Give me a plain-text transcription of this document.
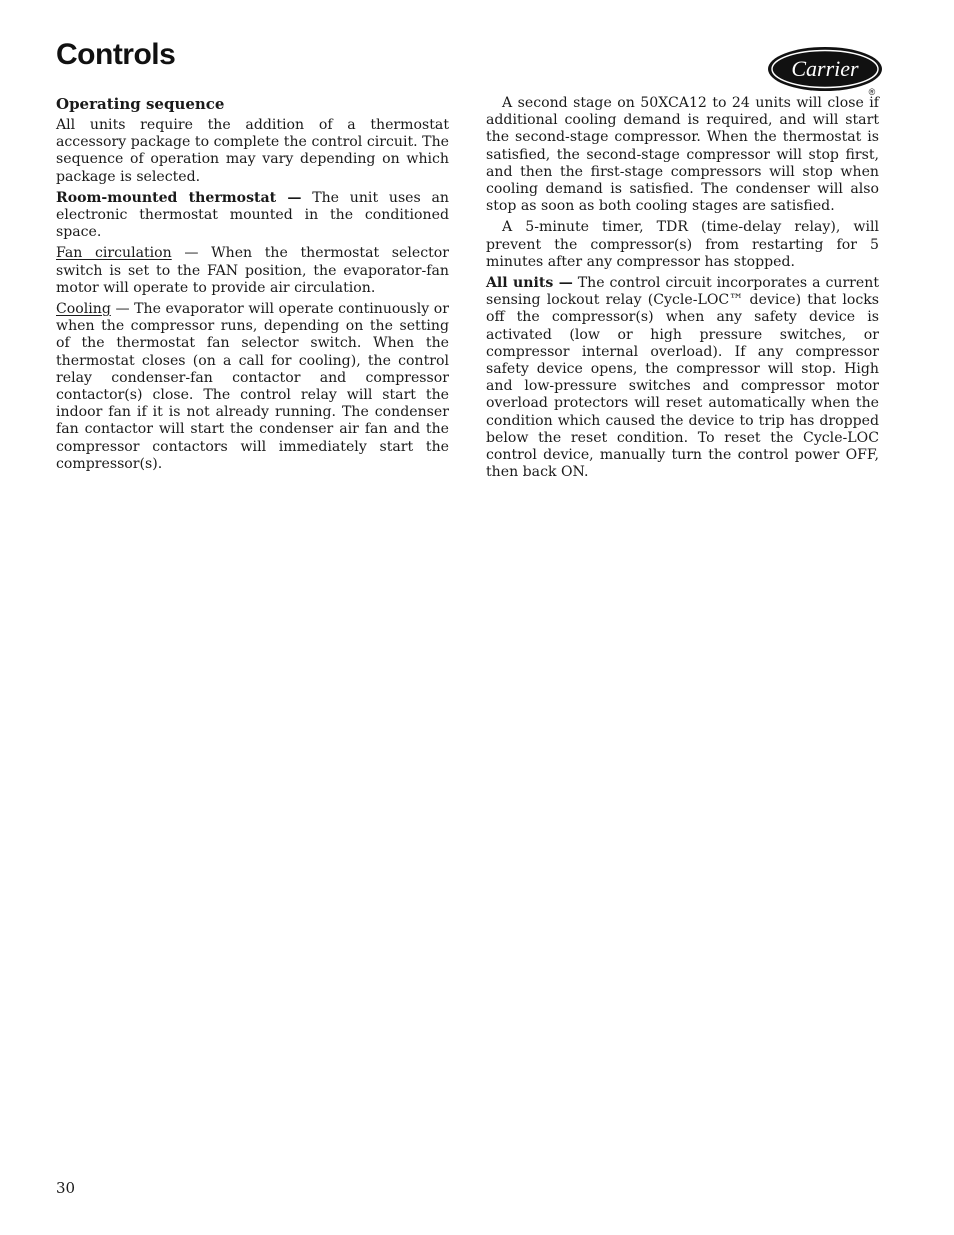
Controls	Carrier
®
Operating sequence

All units require the addition of a thermostat accessory package to complete the control circuit. The sequence of operation may vary depending on which package is selected.

Room-mounted thermostat — The unit uses an electronic thermostat mounted in the conditioned space.

Fan circulation — When the thermostat selector switch is set to the FAN position, the evaporator-fan motor will operate to provide air circulation.

Cooling — The evaporator will operate continuously or when the compressor runs, depending on the setting of the thermostat fan selector switch. When the thermostat closes (on a call for cooling), the control relay condenser-fan contactor and compressor contactor(s) close. The control relay will start the indoor fan if it is not already running. The condenser fan contactor will start the condenser air fan and the compressor contactors will immediately start the compressor(s).

A second stage on 50XCA12 to 24 units will close if additional cooling demand is required, and will start the second-stage compressor. When the thermostat is satisfied, the second-stage compressor will stop first, and then the first-stage compressors will stop when cooling demand is satisfied. The condenser will also stop as soon as both cooling stages are satisfied.

A 5-minute timer, TDR (time-delay relay), will prevent the compressor(s) from restarting for 5 minutes after any compressor has stopped.

All units — The control circuit incorporates a current sensing lockout relay (Cycle-LOC™ device) that locks off the compressor(s) when any safety device is activated (low or high pressure switches, or compressor internal overload). If any compressor safety device opens, the compressor will stop. High and low-pressure switches and compressor motor overload protectors will reset automatically when the condition which caused the device to trip has dropped below the reset condition. To reset the Cycle-LOC control device, manually turn the control power OFF, then back ON.

30
